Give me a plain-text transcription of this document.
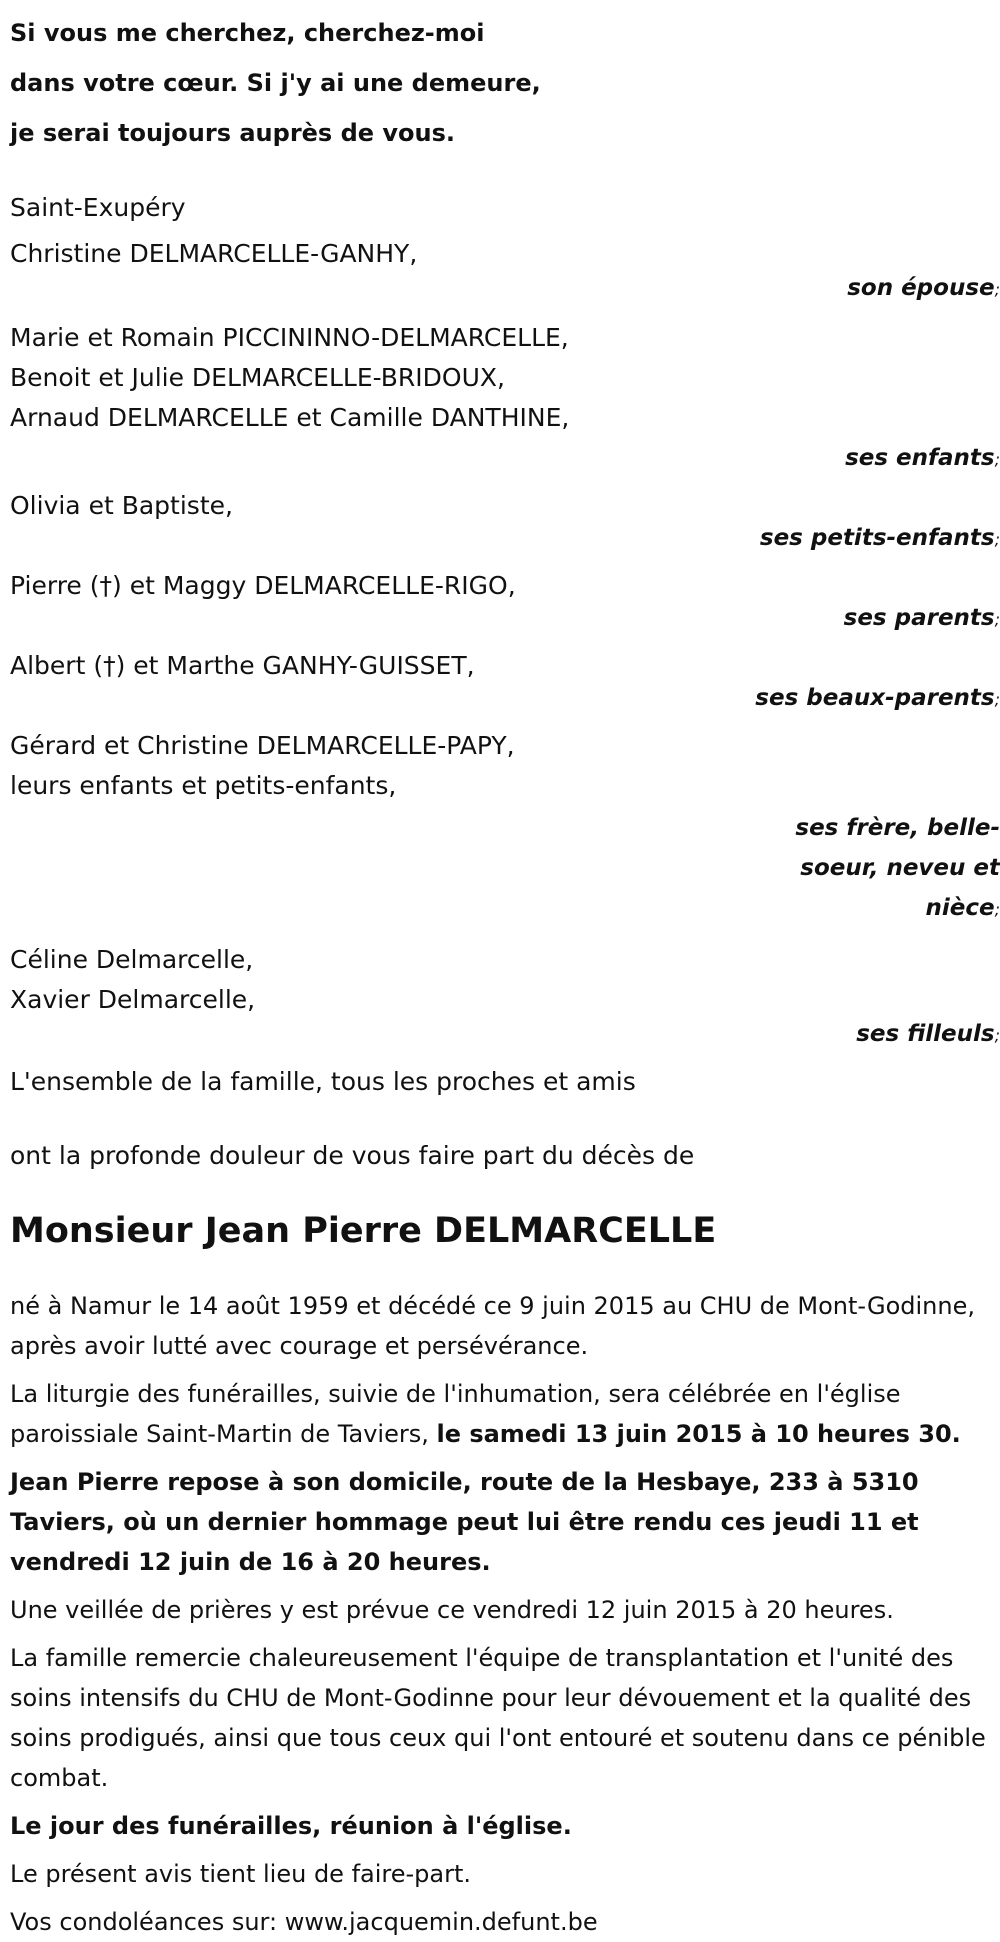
Si vous me cherchez, cherchez-moi

dans votre cœur. Si j'y ai une demeure,

je serai toujours auprès de vous.

Saint-Exupéry
Christine DELMARCELLE-GANHY,
son épouse;
Marie et Romain PICCININNO-DELMARCELLE,
Benoit et Julie DELMARCELLE-BRIDOUX,
Arnaud DELMARCELLE et Camille DANTHINE,
ses enfants;
Olivia et Baptiste,
ses petits-enfants;
Pierre (†) et Maggy DELMARCELLE-RIGO,
ses parents;
Albert (†) et Marthe GANHY-GUISSET,
ses beaux-parents;
Gérard et Christine DELMARCELLE-PAPY,
leurs enfants et petits-enfants,
ses frère, belle-
soeur, neveu et
nièce;
Céline Delmarcelle,
Xavier Delmarcelle,
ses filleuls;
L'ensemble de la famille, tous les proches et amis
ont la profonde douleur de vous faire part du décès de
Monsieur Jean Pierre DELMARCELLE

né à Namur le 14 août 1959 et décédé ce 9 juin 2015 au CHU de Mont-Godinne, après avoir lutté avec courage et persévérance.

La liturgie des funérailles, suivie de l'inhumation, sera célébrée en l'église paroissiale Saint-Martin de Taviers, le samedi 13 juin 2015 à 10 heures 30.

Jean Pierre repose à son domicile, route de la Hesbaye, 233 à 5310 Taviers, où un dernier hommage peut lui être rendu ces jeudi 11 et vendredi 12 juin de 16 à 20 heures.

Une veillée de prières y est prévue ce vendredi 12 juin 2015 à 20 heures.

La famille remercie chaleureusement l'équipe de transplantation et l'unité des soins intensifs du CHU de Mont-Godinne pour leur dévouement et la qualité des soins prodigués, ainsi que tous ceux qui l'ont entouré et soutenu dans ce pénible combat.

Le jour des funérailles, réunion à l'église.

Le présent avis tient lieu de faire-part.

Vos condoléances sur: www.jacquemin.defunt.be
